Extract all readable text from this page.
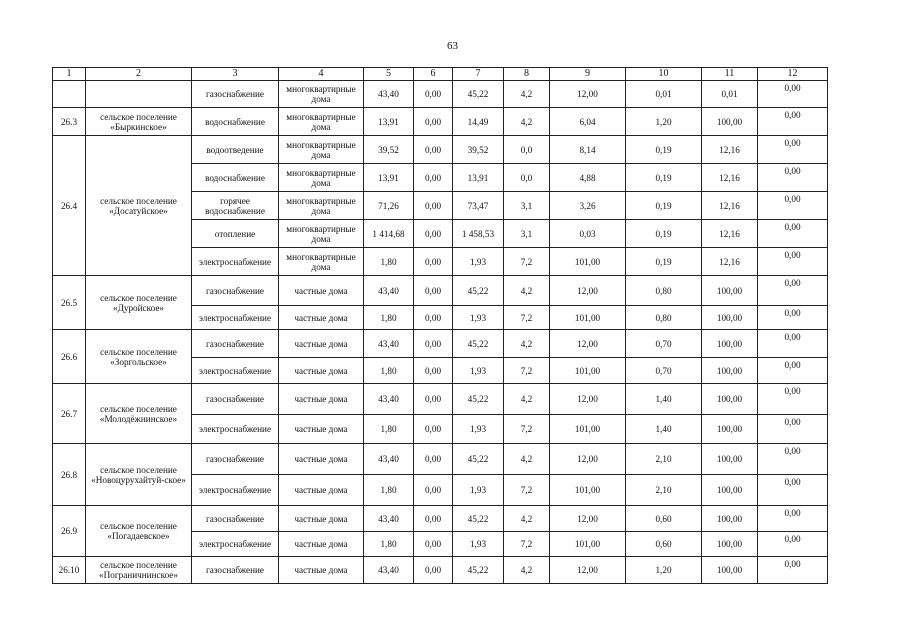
63
1	2	3	4	5	6	7	8	9	10	11	12
		газоснабжение	многоквартирные дома	43,40	0,00	45,22	4,2	12,00	0,01	0,01	0,00
26.3	сельское поселение «Быркинское»	водоснабжение	многоквартирные дома	13,91	0,00	14,49	4,2	6,04	1,20	100,00	0,00
26.4	сельское поселение «Досатуйское»	водоотведение	многоквартирные дома	39,52	0,00	39,52	0,0	8,14	0,19	12,16	0,00
		водоснабжение	многоквартирные дома	13,91	0,00	13,91	0,0	4,88	0,19	12,16	0,00
		горячее водоснабжение	многоквартирные дома	71,26	0,00	73,47	3,1	3,26	0,19	12,16	0,00
		отопление	многоквартирные дома	1 414,68	0,00	1 458,53	3,1	0,03	0,19	12,16	0,00
		электроснабжение	многоквартирные дома	1,80	0,00	1,93	7,2	101,00	0,19	12,16	0,00
26.5	сельское поселение «Дуройское»	газоснабжение	частные дома	43,40	0,00	45,22	4,2	12,00	0,80	100,00	0,00
		электроснабжение	частные дома	1,80	0,00	1,93	7,2	101,00	0,80	100,00	0,00
26.6	сельское поселение «Зоргольское»	газоснабжение	частные дома	43,40	0,00	45,22	4,2	12,00	0,70	100,00	0,00
		электроснабжение	частные дома	1,80	0,00	1,93	7,2	101,00	0,70	100,00	0,00
26.7	сельское поселение «Молодёжнинское»	газоснабжение	частные дома	43,40	0,00	45,22	4,2	12,00	1,40	100,00	0,00
		электроснабжение	частные дома	1,80	0,00	1,93	7,2	101,00	1,40	100,00	0,00
26.8	сельское поселение «Новоцурухайтуй-ское»	газоснабжение	частные дома	43,40	0,00	45,22	4,2	12,00	2,10	100,00	0,00
		электроснабжение	частные дома	1,80	0,00	1,93	7,2	101,00	2,10	100,00	0,00
26.9	сельское поселение «Погадаевское»	газоснабжение	частные дома	43,40	0,00	45,22	4,2	12,00	0,60	100,00	0,00
		электроснабжение	частные дома	1,80	0,00	1,93	7,2	101,00	0,60	100,00	0,00
26.10	сельское поселение «Пограничнинское»	газоснабжение	частные дома	43,40	0,00	45,22	4,2	12,00	1,20	100,00	0,00
